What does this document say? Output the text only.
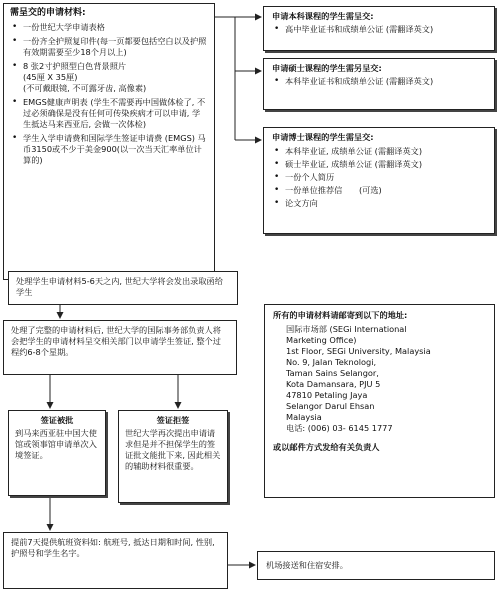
需呈交的申请材料:
• 一份世纪大学申请表格
• 一份齐全护照复印件(每一页都要包括空白以及护照有效期需要至少18个月以上)
• 8 张2寸护照型白色背景照片
(45厘 X 35厘)
(不可戴眼镜, 不可露牙齿, 高像素)
• EMGS健康声明表 (学生不需要再中国做体检了, 不过必须确保是没有任何可传染疾病才可以申请, 学生抵达马来西亚后, 会做一次体检)
• 学生入学申请费和国际学生签证申请费 (EMGS) 马币3150或不少于美金900(以一次当天汇率单位计算的)
申请本科课程的学生需呈交:
• 高中毕业证书和成绩单公证 (需翻译英文)
申请硕士课程的学生需另呈交:
• 本科毕业证书和成绩单公证 (需翻译英文)
申请博士课程的学生需呈交:
• 本科毕业证, 成绩单公证 (需翻译英文)
• 硕士毕业证, 成绩单公证 (需翻译英文)
• 一份个人简历
• 一份单位推荐信 (可选)
• 论文方向
处理学生申请材料5-6天之内, 世纪大学将会发出录取函给学生
处理了完整的申请材料后, 世纪大学的国际事务部负责人将会把学生的申请材料呈交相关部门以申请学生签证, 整个过程约6-8个星期。
签证被批
到马来西亚驻中国大使馆或领事馆申请单次入境签证。
签证拒签
世纪大学再次提出申请请求但是并不担保学生的签证批文能批下来, 因此相关的辅助材料很重要。
所有的申请材料请邮寄到以下的地址:
国际市场部 (SEGi International
Marketing Office)
1st Floor, SEGi University, Malaysia
No. 9, Jalan Teknologi,
Taman Sains Selangor,
Kota Damansara, PJU 5
47810 Petaling Jaya
Selangor Darul Ehsan
Malaysia
电话: (006) 03- 6145 1777
或以邮件方式发给有关负责人
提前7天提供航班资料如: 航班号, 抵达日期和时间, 性别, 护照号和学生名字。
机场接送和住宿安排。
